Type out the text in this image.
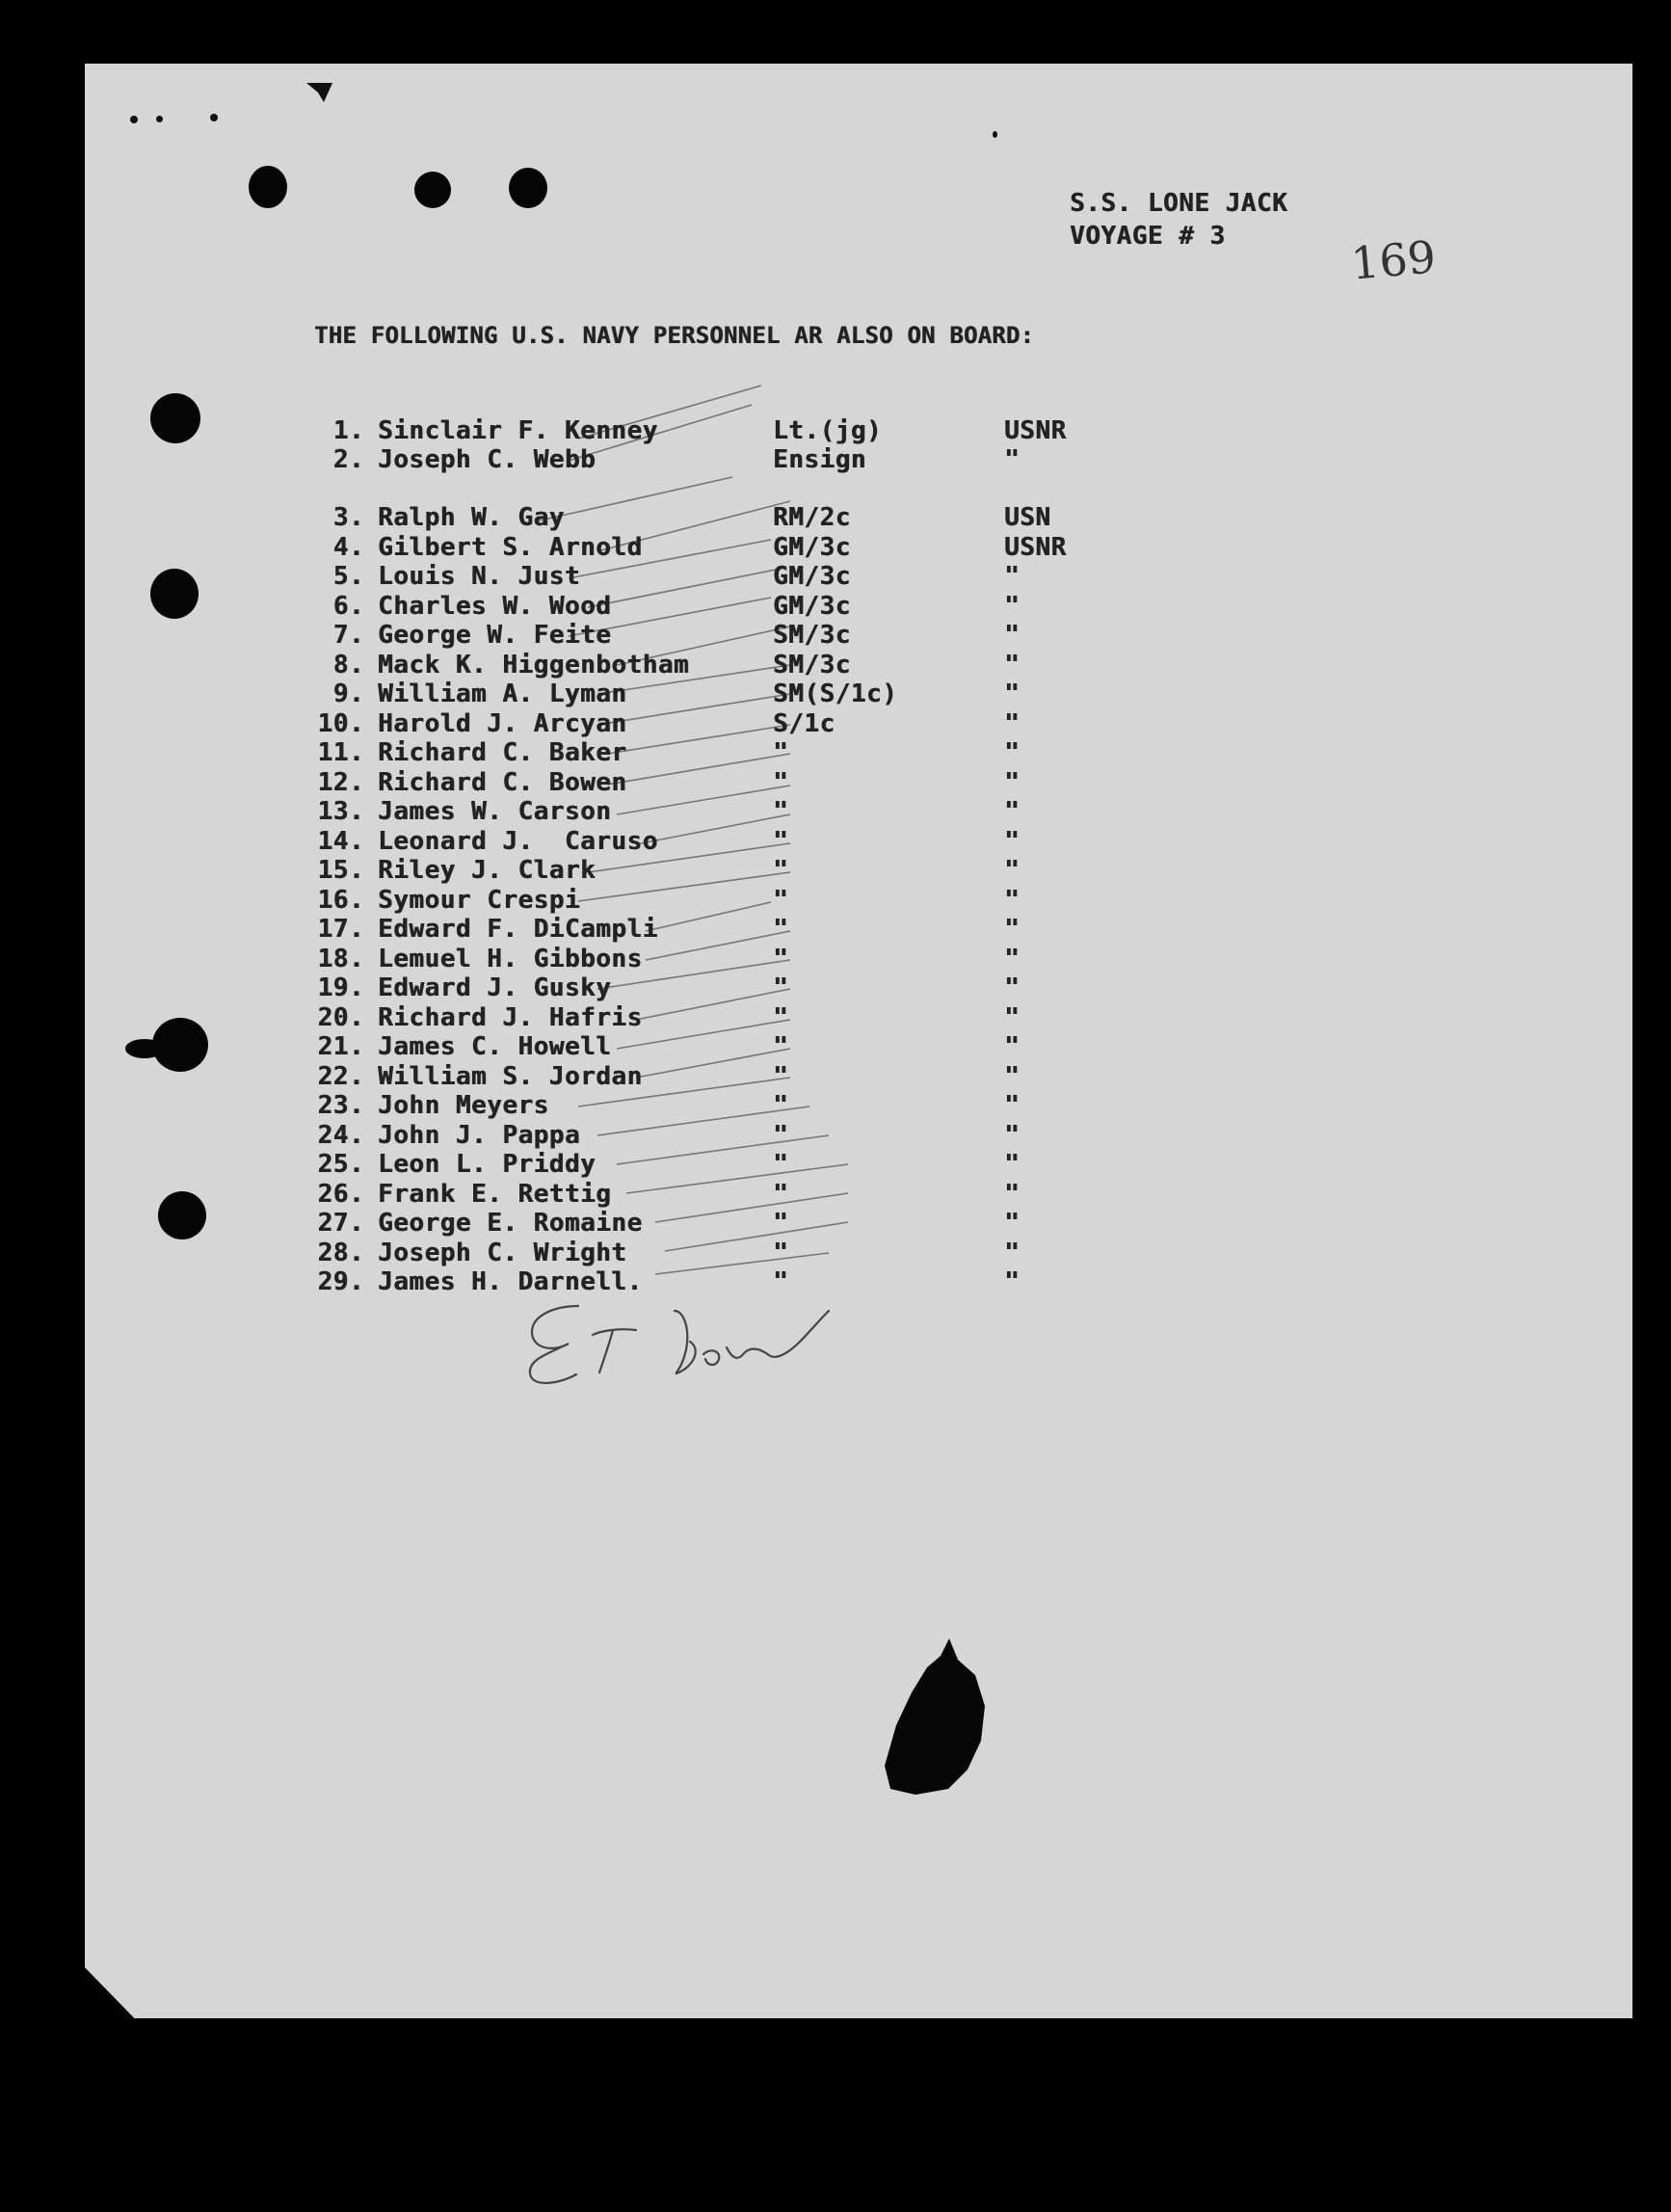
S.S. LONE JACK
VOYAGE # 3	169
THE FOLLOWING U.S. NAVY PERSONNEL AR ALSO ON BOARD:
1. Sinclair F. Kenney	Lt.(jg)	USNR
2. Joseph C. Webb	Ensign	"
3. Ralph W. Gay	RM/2c	USN
4. Gilbert S. Arnold	GM/3c	USNR
5. Louis N. Just	GM/3c	"
6. Charles W. Wood	GM/3c	"
7. George W. Feite	SM/3c	"
8. Mack K. Higgenbotham	SM/3c	"
9. William A. Lyman	SM(S/1c)	"
10. Harold J. Arcyan	S/1c	"
11. Richard C. Baker	"	"
12. Richard C. Bowen	"	"
13. James W. Carson	"	"
14. Leonard J.  Caruso	"	"
15. Riley J. Clark	"	"
16. Symour Crespi	"	"
17. Edward F. DiCampli	"	"
18. Lemuel H. Gibbons	"	"
19. Edward J. Gusky	"	"
20. Richard J. Hafris	"	"
21. James C. Howell	"	"
22. William S. Jordan	"	"
23. John Meyers	"	"
24. John J. Pappa	"	"
25. Leon L. Priddy	"	"
26. Frank E. Rettig	"	"
27. George E. Romaine	"	"
28. Joseph C. Wright	"	"
29. James H. Darnell.	"	"
